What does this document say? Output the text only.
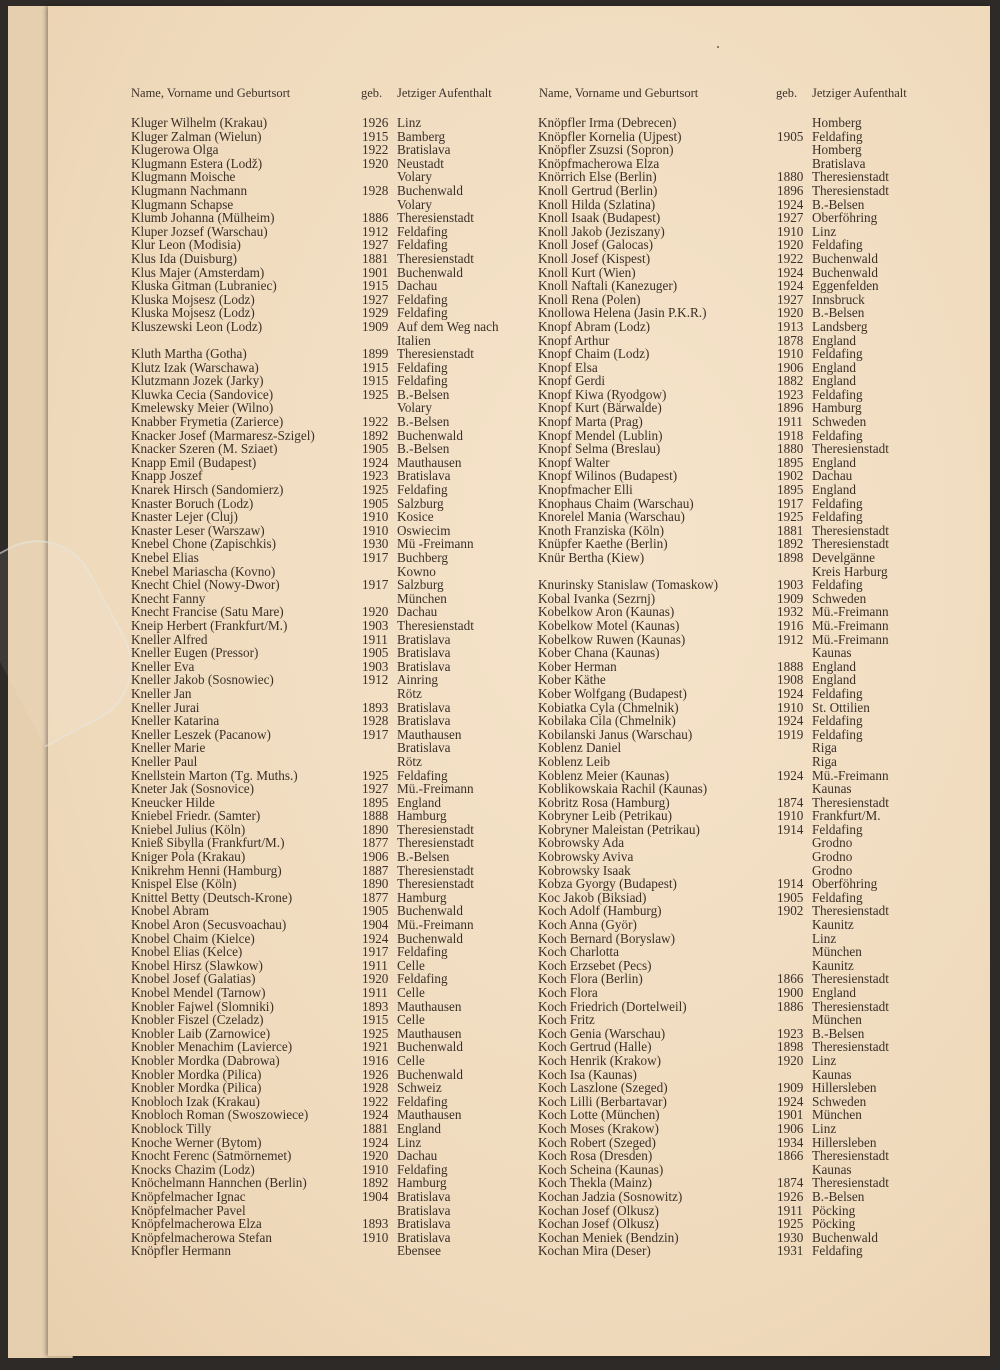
Name, Vorname und Geburtsort	geb. Jetziger Aufenthalt	Name, Vorname und Geburtsort	geb. Jetziger Aufenthalt
Kluger Wilhelm (Krakau)	1926 Linz
Kluger Zalman (Wielun)	1915 Bamberg
Klugerowa Olga	1922 Bratislava
Klugmann Estera (Lodž)	1920 Neustadt
Klugmann Moische	Volary
Klugmann Nachmann	1928 Buchenwald
Klugmann Schapse	Volary
Klumb Johanna (Mülheim)	1886 Theresienstadt
Kluper Jozsef (Warschau)	1912 Feldafing
Klur Leon (Modisia)	1927 Feldafing
Klus Ida (Duisburg)	1881 Theresienstadt
Klus Majer (Amsterdam)	1901 Buchenwald
Kluska Gitman (Lubraniec)	1915 Dachau
Kluska Mojsesz (Lodz)	1927 Feldafing
Kluska Mojsesz (Lodz)	1929 Feldafing
Kluszewski Leon (Lodz)	1909 Auf dem Weg nach
Italien
Kluth Martha (Gotha)	1899 Theresienstadt
Klutz Izak (Warschawa)	1915 Feldafing
Klutzmann Jozek (Jarky)	1915 Feldafing
Kluwka Cecia (Sandovice)	1925 B.-Belsen
Kmelewsky Meier (Wilno)	Volary
Knabber Frymetia (Zarierce)	1922 B.-Belsen
Knacker Josef (Marmaresz-Szigel)	1892 Buchenwald
Knacker Szeren (M. Sziaet)	1905 B.-Belsen
Knapp Emil (Budapest)	1924 Mauthausen
Knapp Joszef	1923 Bratislava
Knarek Hirsch (Sandomierz)	1925 Feldafing
Knaster Boruch (Lodz)	1905 Salzburg
Knaster Lejer (Cluj)	1910 Kosice
Knaster Leser (Warszaw)	1910 Oswiecim
Knebel Chone (Zapischkis)	1930 Mü -Freimann
Knebel Elias	1917 Buchberg
Knebel Mariascha (Kovno)	Kowno
Knecht Chiel (Nowy-Dwor)	1917 Salzburg
Knecht Fanny	München
Knecht Francise (Satu Mare)	1920 Dachau
Kneip Herbert (Frankfurt/M.)	1903 Theresienstadt
Kneller Alfred	1911 Bratislava
Kneller Eugen (Pressor)	1905 Bratislava
Kneller Eva	1903 Bratislava
Kneller Jakob (Sosnowiec)	1912 Ainring
Kneller Jan	Rötz
Kneller Jurai	1893 Bratislava
Kneller Katarina	1928 Bratislava
Kneller Leszek (Pacanow)	1917 Mauthausen
Kneller Marie	Bratislava
Kneller Paul	Rötz
Knellstein Marton (Tg. Muths.)	1925 Feldafing
Kneter Jak (Sosnovice)	1927 Mü.-Freimann
Kneucker Hilde	1895 England
Kniebel Friedr. (Samter)	1888 Hamburg
Kniebel Julius (Köln)	1890 Theresienstadt
Knieß Sibylla (Frankfurt/M.)	1877 Theresienstadt
Kniger Pola (Krakau)	1906 B.-Belsen
Knikrehm Henni (Hamburg)	1887 Theresienstadt
Knispel Else (Köln)	1890 Theresienstadt
Knittel Betty (Deutsch-Krone)	1877 Hamburg
Knobel Abram	1905 Buchenwald
Knobel Aron (Secusvoachau)	1904 Mü.-Freimann
Knobel Chaim (Kielce)	1924 Buchenwald
Knobel Elias (Kelce)	1917 Feldafing
Knobel Hirsz (Slawkow)	1911 Celle
Knobel Josef (Galatias)	1920 Feldafing
Knobel Mendel (Tarnow)	1911 Celle
Knobler Fajwel (Slomniki)	1893 Mauthausen
Knobler Fiszel (Czeladz)	1915 Celle
Knobler Laib (Zarnowice)	1925 Mauthausen
Knobler Menachim (Lavierce)	1921 Buchenwald
Knobler Mordka (Dabrowa)	1916 Celle
Knobler Mordka (Pilica)	1926 Buchenwald
Knobler Mordka (Pilica)	1928 Schweiz
Knobloch Izak (Krakau)	1922 Feldafing
Knobloch Roman (Swoszowiece)	1924 Mauthausen
Knoblock Tilly	1881 England
Knoche Werner (Bytom)	1924 Linz
Knocht Ferenc (Satmörnemet)	1920 Dachau
Knocks Chazim (Lodz)	1910 Feldafing
Knöchelmann Hannchen (Berlin)	1892 Hamburg
Knöpfelmacher Ignac	1904 Bratislava
Knöpfelmacher Pavel	Bratislava
Knöpfelmacherowa Elza	1893 Bratislava
Knöpfelmacherowa Stefan	1910 Bratislava
Knöpfler Hermann	Ebensee
Knöpfler Irma (Debrecen)	Homberg
Knöpfler Kornelia (Ujpest)	1905 Feldafing
Knöpfler Zsuzsi (Sopron)	Homberg
Knöpfmacherowa Elza	Bratislava
Knörrich Else (Berlin)	1880 Theresienstadt
Knoll Gertrud (Berlin)	1896 Theresienstadt
Knoll Hilda (Szlatina)	1924 B.-Belsen
Knoll Isaak (Budapest)	1927 Oberföhring
Knoll Jakob (Jeziszany)	1910 Linz
Knoll Josef (Galocas)	1920 Feldafing
Knoll Josef (Kispest)	1922 Buchenwald
Knoll Kurt (Wien)	1924 Buchenwald
Knoll Naftali (Kanezuger)	1924 Eggenfelden
Knoll Rena (Polen)	1927 Innsbruck
Knollowa Helena (Jasin P.K.R.)	1920 B.-Belsen
Knopf Abram (Lodz)	1913 Landsberg
Knopf Arthur	1878 England
Knopf Chaim (Lodz)	1910 Feldafing
Knopf Elsa	1906 England
Knopf Gerdi	1882 England
Knopf Kiwa (Ryodgow)	1923 Feldafing
Knopf Kurt (Bärwalde)	1896 Hamburg
Knopf Marta (Prag)	1911 Schweden
Knopf Mendel (Lublin)	1918 Feldafing
Knopf Selma (Breslau)	1880 Theresienstadt
Knopf Walter	1895 England
Knopf Wilinos (Budapest)	1902 Dachau
Knopfmacher Elli	1895 England
Knophaus Chaim (Warschau)	1917 Feldafing
Knorelel Mania (Warschau)	1925 Feldafing
Knoth Franziska (Köln)	1881 Theresienstadt
Knüpfer Kaethe (Berlin)	1892 Theresienstadt
Knür Bertha (Kiew)	1898 Develgänne
Kreis Harburg
Knurinsky Stanislaw (Tomaskow)	1903 Feldafing
Kobal Ivanka (Sezrnj)	1909 Schweden
Kobelkow Aron (Kaunas)	1932 Mü.-Freimann
Kobelkow Motel (Kaunas)	1916 Mü.-Freimann
Kobelkow Ruwen (Kaunas)	1912 Mü.-Freimann
Kober Chana (Kaunas)	Kaunas
Kober Herman	1888 England
Kober Käthe	1908 England
Kober Wolfgang (Budapest)	1924 Feldafing
Kobiatka Cyla (Chmelnik)	1910 St. Ottilien
Kobilaka Cila (Chmelnik)	1924 Feldafing
Kobilanski Janus (Warschau)	1919 Feldafing
Koblenz Daniel	Riga
Koblenz Leib	Riga
Koblenz Meier (Kaunas)	1924 Mü.-Freimann
Koblikowskaia Rachil (Kaunas)	Kaunas
Kobritz Rosa (Hamburg)	1874 Theresienstadt
Kobryner Leib (Petrikau)	1910 Frankfurt/M.
Kobryner Maleistan (Petrikau)	1914 Feldafing
Kobrowsky Ada	Grodno
Kobrowsky Aviva	Grodno
Kobrowsky Isaak	Grodno
Kobza Gyorgy (Budapest)	1914 Oberföhring
Koc Jakob (Biksiad)	1905 Feldafing
Koch Adolf (Hamburg)	1902 Theresienstadt
Koch Anna (Györ)	Kaunitz
Koch Bernard (Boryslaw)	Linz
Koch Charlotta	München
Koch Erzsebet (Pecs)	Kaunitz
Koch Flora (Berlin)	1866 Theresienstadt
Koch Flora	1900 England
Koch Friedrich (Dortelweil)	1886 Theresienstadt
Koch Fritz	München
Koch Genia (Warschau)	1923 B.-Belsen
Koch Gertrud (Halle)	1898 Theresienstadt
Koch Henrik (Krakow)	1920 Linz
Koch Isa (Kaunas)	Kaunas
Koch Laszlone (Szeged)	1909 Hillersleben
Koch Lilli (Berbartavar)	1924 Schweden
Koch Lotte (München)	1901 München
Koch Moses (Krakow)	1906 Linz
Koch Robert (Szeged)	1934 Hillersleben
Koch Rosa (Dresden)	1866 Theresienstadt
Koch Scheina (Kaunas)	Kaunas
Koch Thekla (Mainz)	1874 Theresienstadt
Kochan Jadzia (Sosnowitz)	1926 B.-Belsen
Kochan Josef (Olkusz)	1911 Pöcking
Kochan Josef (Olkusz)	1925 Pöcking
Kochan Meniek (Bendzin)	1930 Buchenwald
Kochan Mira (Deser)	1931 Feldafing
